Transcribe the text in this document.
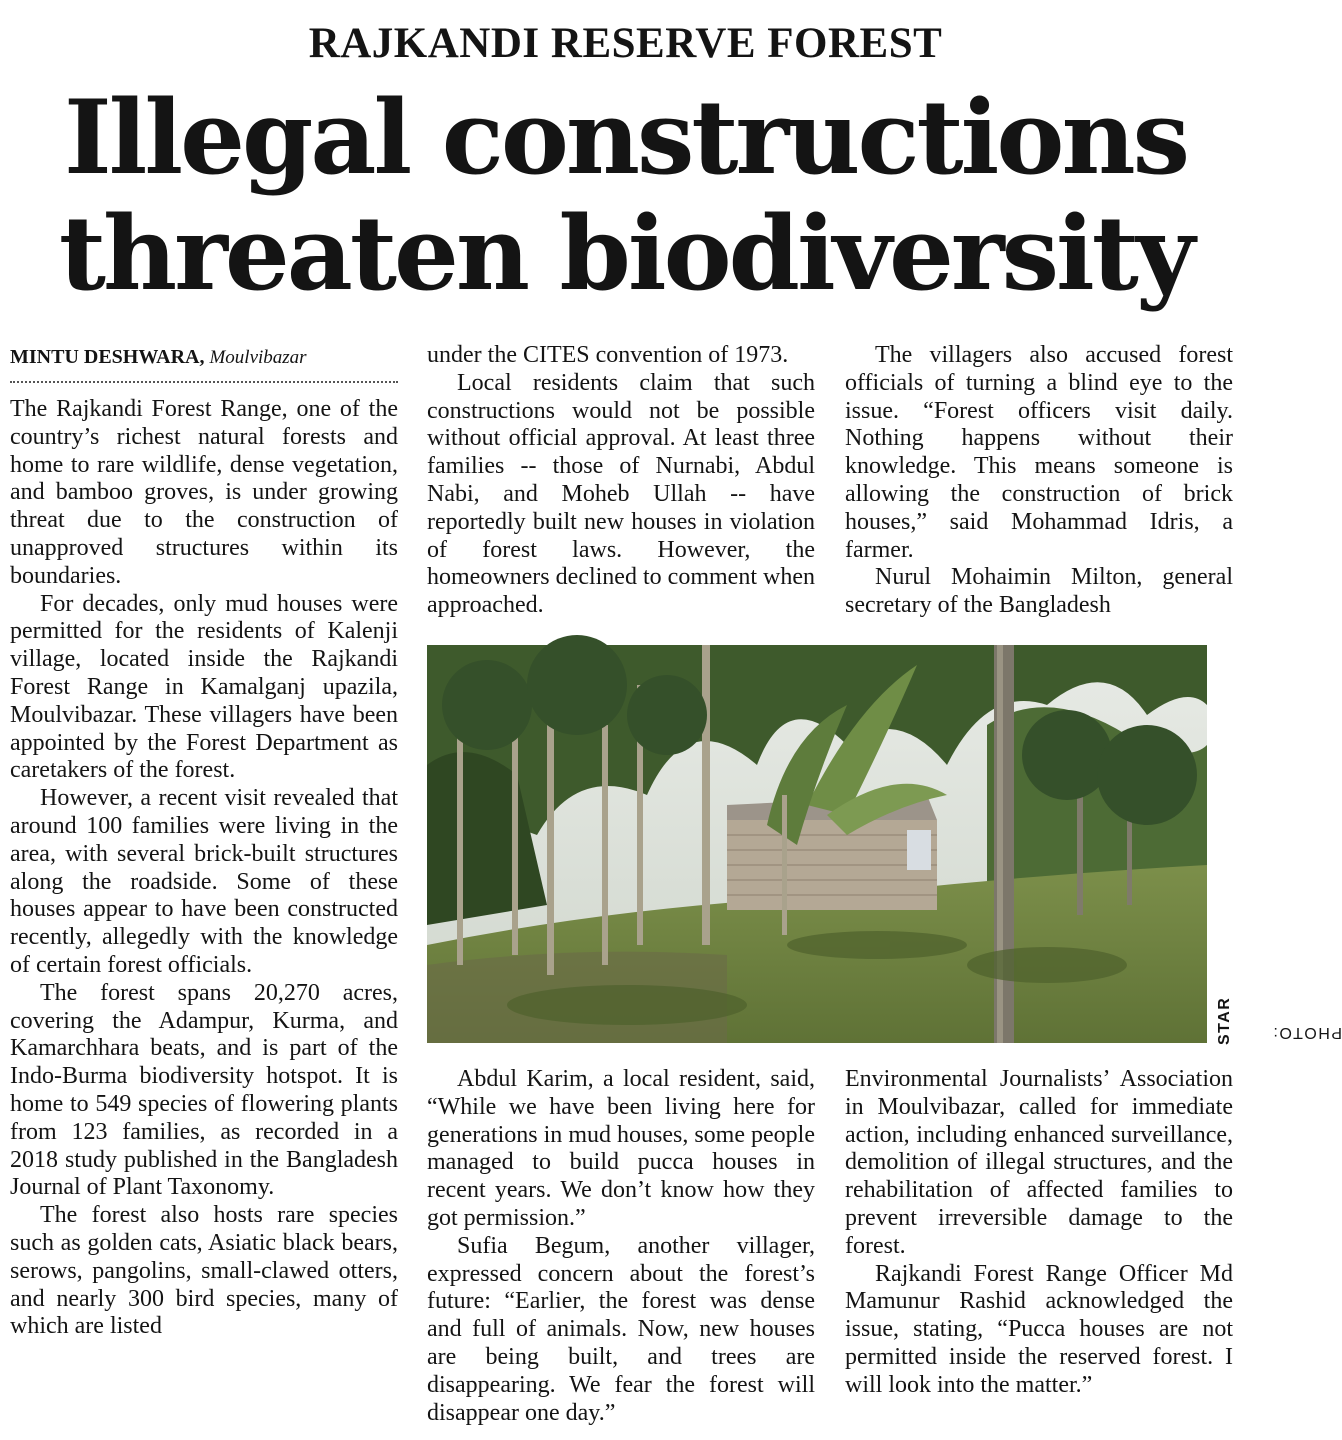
RAJKANDI RESERVE FOREST
Illegal constructions
threaten biodiversity
MINTU DESHWARA, Moulvibazar

The Rajkandi Forest Range, one of the country’s richest natural forests and home to rare wildlife, dense vegetation, and bamboo groves, is under growing threat due to the construction of unapproved structures within its boundaries.

For decades, only mud houses were permitted for the residents of Kalenji village, located inside the Rajkandi Forest Range in Kamalganj upazila, Moulvibazar. These villagers have been appointed by the Forest Department as caretakers of the forest.

However, a recent visit revealed that around 100 families were living in the area, with several brick-built structures along the roadside. Some of these houses appear to have been constructed recently, allegedly with the knowledge of certain forest officials.

The forest spans 20,270 acres, covering the Adampur, Kurma, and Kamarchhara beats, and is part of the Indo-Burma biodiversity hotspot. It is home to 549 species of flowering plants from 123 families, as recorded in a 2018 study published in the Bangladesh Journal of Plant Taxonomy.

The forest also hosts rare species such as golden cats, Asiatic black bears, serows, pangolins, small-clawed otters, and nearly 300 bird species, many of which are listed

under the CITES convention of 1973.

Local residents claim that such constructions would not be possible without official approval. At least three families -- those of Nurnabi, Abdul Nabi, and Moheb Ullah -- have reportedly built new houses in violation of forest laws. However, the homeowners declined to comment when approached.

The villagers also accused forest officials of turning a blind eye to the issue. “Forest officers visit daily. Nothing happens without their knowledge. This means someone is allowing the construction of brick houses,” said Mohammad Idris, a farmer.

Nurul Mohaimin Milton, general secretary of the Bangladesh

PHOTO:
STAR

Abdul Karim, a local resident, said, “While we have been living here for generations in mud houses, some people managed to build pucca houses in recent years. We don’t know how they got permission.”

Sufia Begum, another villager, expressed concern about the forest’s future: “Earlier, the forest was dense and full of animals. Now, new houses are being built, and trees are disappearing. We fear the forest will disappear one day.”

Environmental Journalists’ Association in Moulvibazar, called for immediate action, including enhanced surveillance, demolition of illegal structures, and the rehabilitation of affected families to prevent irreversible damage to the forest.

Rajkandi Forest Range Officer Md Mamunur Rashid acknowledged the issue, stating, “Pucca houses are not permitted inside the reserved forest. I will look into the matter.”
